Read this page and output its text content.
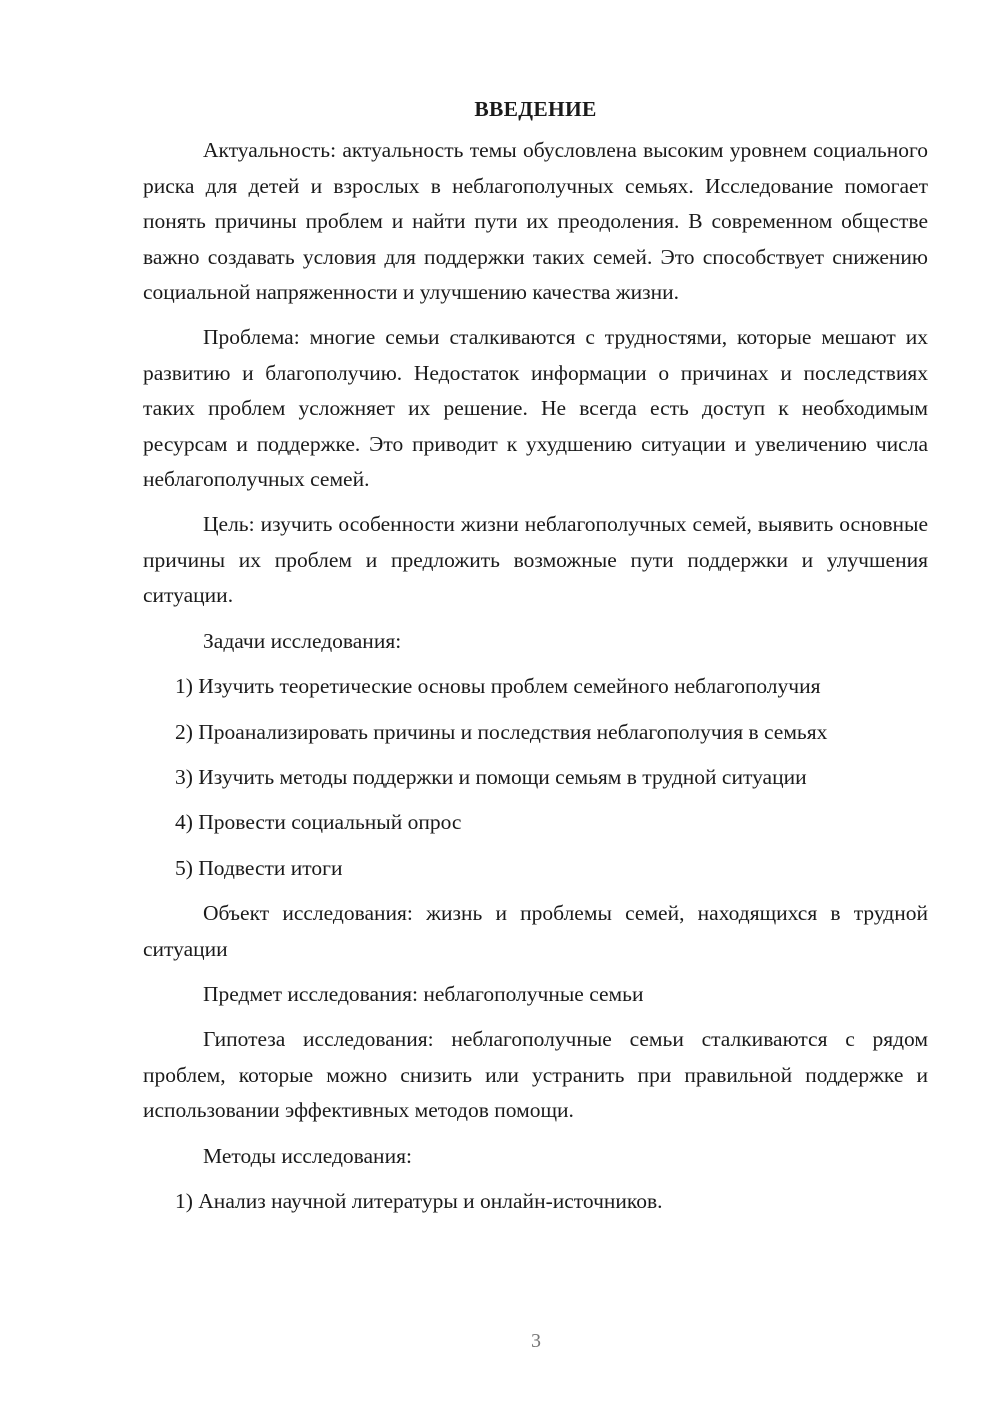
ВВЕДЕНИЕ

Актуальность: актуальность темы обусловлена высоким уровнем социального риска для детей и взрослых в неблагополучных семьях. Исследование помогает понять причины проблем и найти пути их преодоления. В современном обществе важно создавать условия для поддержки таких семей. Это способствует снижению социальной напряженности и улучшению качества жизни.

Проблема: многие семьи сталкиваются с трудностями, которые мешают их развитию и благополучию. Недостаток информации о причинах и последствиях таких проблем усложняет их решение. Не всегда есть доступ к необходимым ресурсам и поддержке. Это приводит к ухудшению ситуации и увеличению числа неблагополучных семей.

Цель: изучить особенности жизни неблагополучных семей, выявить основные причины их проблем и предложить возможные пути поддержки и улучшения ситуации.

Задачи исследования:

1) Изучить теоретические основы проблем семейного неблагополучия

2) Проанализировать причины и последствия неблагополучия в семьях

3) Изучить методы поддержки и помощи семьям в трудной ситуации

4) Провести социальный опрос

5) Подвести итоги

Объект исследования: жизнь и проблемы семей, находящихся в трудной ситуации

Предмет исследования: неблагополучные семьи

Гипотеза исследования: неблагополучные семьи сталкиваются с рядом проблем, которые можно снизить или устранить при правильной поддержке и использовании эффективных методов помощи.

Методы исследования:

1) Анализ научной литературы и онлайн-источников.

3
